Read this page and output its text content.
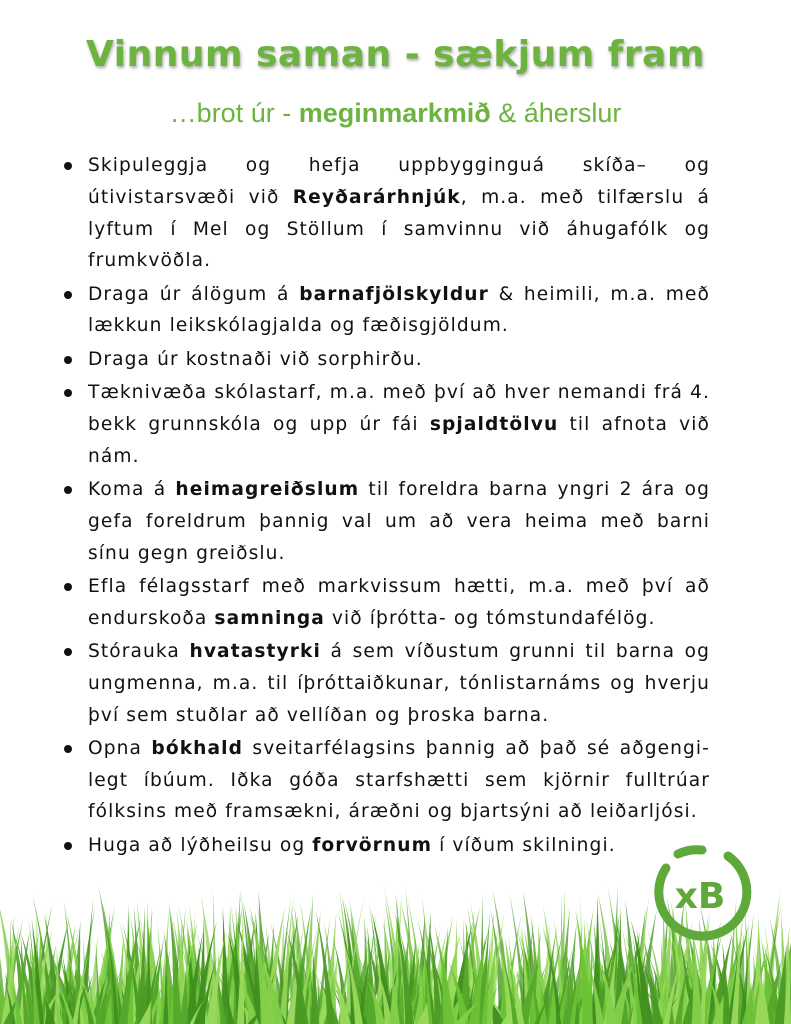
Vinnum saman - sækjum fram
…brot úr - meginmarkmið & áherslur
Skipuleggja og hefja uppbygginguá skíða– og útivistarsvæði við Reyðarárhnjúk, m.a. með tilfærslu á lyftum í Mel og Stöllum í samvinnu við áhugafólk og frumkvöðla.
Draga úr álögum á barnafjölskyldur & heimili, m.a. með lækkun leikskólagjalda og fæðisgjöldum.
Draga úr kostnaði við sorphirðu.
Tæknivæða skólastarf, m.a. með því að hver nemandi frá 4. bekk grunnskóla og upp úr fái spjaldtölvu til afnota við nám.
Koma á heimagreiðslum til foreldra barna yngri 2 ára og gefa foreldrum þannig val um að vera heima með barni sínu gegn greiðslu.
Efla félagsstarf með markvissum hætti, m.a. með því að endurskoða samninga við íþrótta- og tómstundafélög.
Stórauka hvatastyrki á sem víðustum grunni til barna og ungmenna, m.a. til íþróttaiðkunar, tónlistarnáms og hverju því sem stuðlar að vellíðan og þroska barna.
Opna bókhald sveitarfélagsins þannig að það sé aðgengi-legt íbúum. Iðka góða starfshætti sem kjörnir fulltrúar fólksins með framsækni, áræðni og bjartsýni að leiðarljósi.
Huga að lýðheilsu og forvörnum í víðum skilningi.
xB
